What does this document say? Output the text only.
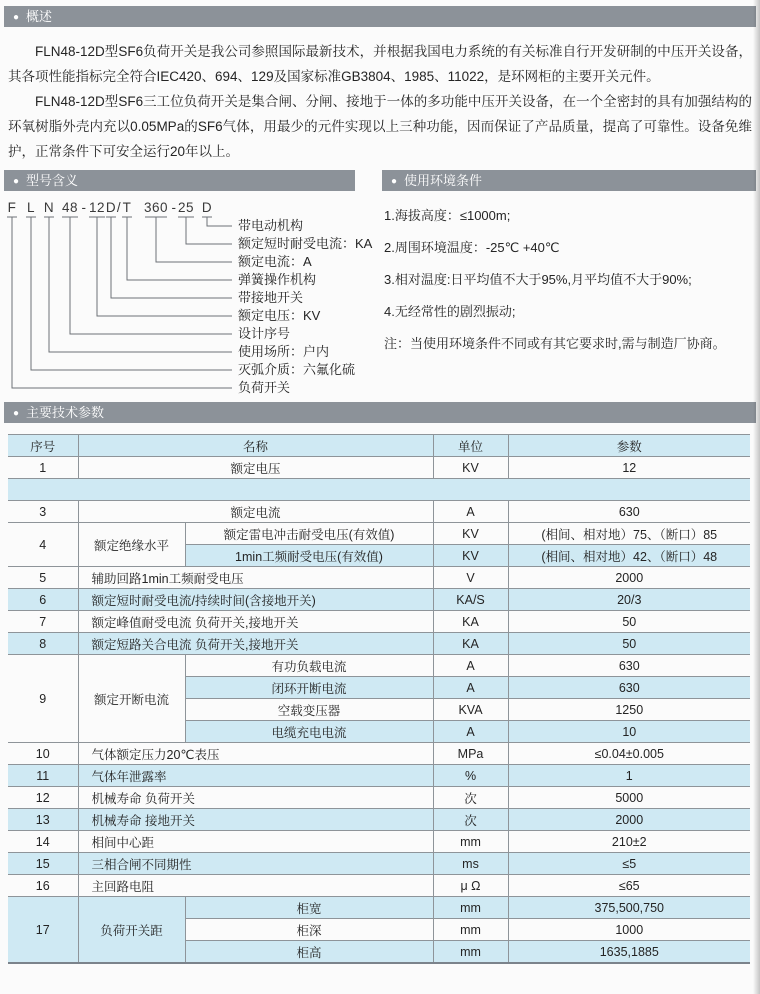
● 概述

FLN48-12D型SF6负荷开关是我公司参照国际最新技术，并根据我国电力系统的有关标准自行开发研制的中压开关设备，其各项性能指标完全符合IEC420、694、129及国家标准GB3804、1985、11022，是环网柜的主要开关元件。

FLN48-12D型SF6三工位负荷开关是集合闸、分闸、接地于一体的多功能中压开关设备，在一个全密封的具有加强结构的环氧树脂外壳内充以0.05MPa的SF6气体，用最少的元件实现以上三种功能，因而保证了产品质量，提高了可靠性。设备免维护，正常条件下可安全运行20年以上。

● 型号含义
F L N 48 - 12 D / T 360 - 25 D
带电动机构
额定短时耐受电流：KA
额定电流：A
弹簧操作机构
带接地开关
额定电压：KV
设计序号
使用场所：户内
灭弧介质：六氟化硫
负荷开关
● 使用环境条件
1.海拔高度：≤1000m;
2.周围环境温度：-25℃ +40℃
3.相对温度:日平均值不大于95%,月平均值不大于90%;
4.无经常性的剧烈振动;
注：当使用环境条件不同或有其它要求时,需与制造厂协商。
● 主要技术参数
序号	名称		单位	参数
1	额定电压		KV	12

3	额定电流		A	630
4	额定绝缘水平	额定雷电冲击耐受电压(有效值)	KV	(相间、相对地）75、（断口）85
		1min工频耐受电压(有效值)	KV	(相间、相对地）42、（断口）48
5	辅助回路1min工频耐受电压		V	2000
6	额定短时耐受电流/持续时间(含接地开关)		KA/S	20/3
7	额定峰值耐受电流 负荷开关,接地开关		KA	50
8	额定短路关合电流 负荷开关,接地开关		KA	50
9	额定开断电流	有功负载电流	A	630
		闭环开断电流	A	630
		空载变压器	KVA	1250
		电缆充电电流	A	10
10	气体额定压力20℃表压		MPa	≤0.04±0.005
11	气体年泄露率		%	1
12	机械寿命 负荷开关		次	5000
13	机械寿命 接地开关		次	2000
14	相间中心距		mm	210±2
15	三相合闸不同期性		ms	≤5
16	主回路电阻		μ Ω	≤65
17	负荷开关距	柜宽	mm	375,500,750
		柜深	mm	1000
		柜高	mm	1635,1885
